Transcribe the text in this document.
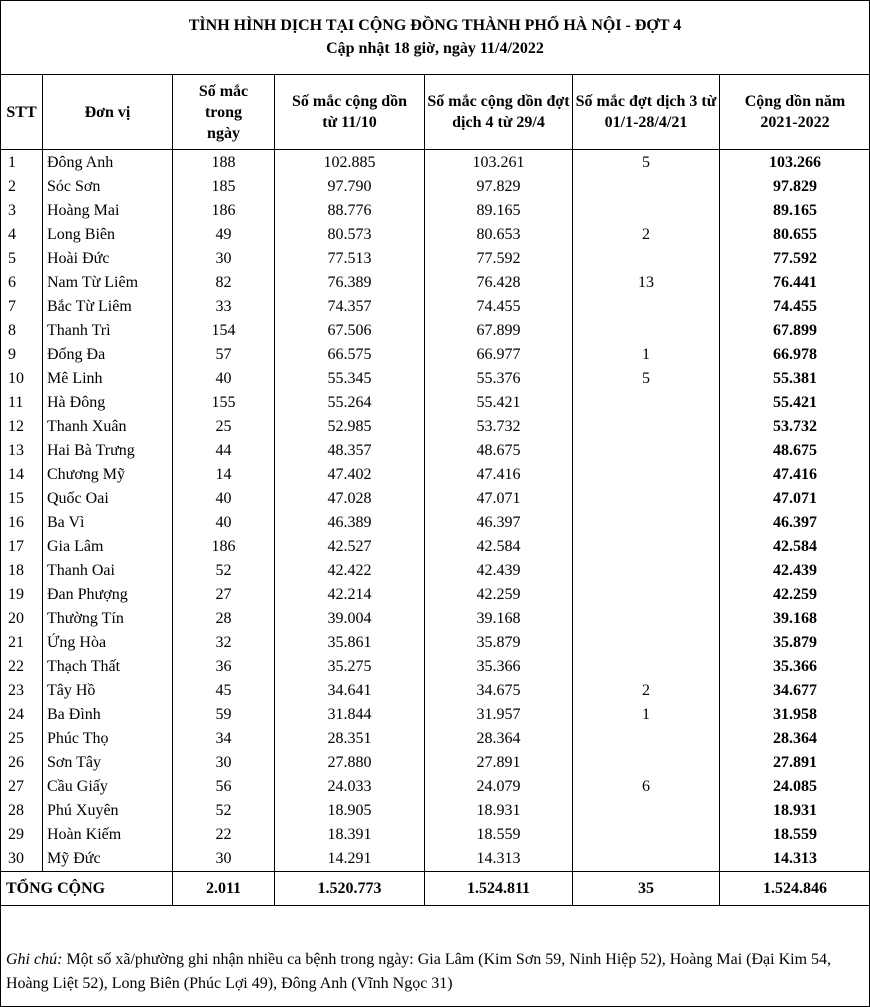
TÌNH HÌNH DỊCH TẠI CỘNG ĐỒNG THÀNH PHỐ HÀ NỘI - ĐỢT 4
Cập nhật 18 giờ, ngày 11/4/2022
STT	Đơn vị	Số mắc trong ngày	Số mắc cộng dồn từ 11/10	Số mắc cộng dồn đợt dịch 4 từ 29/4	Số mắc đợt dịch 3 từ 01/1-28/4/21	Cộng dồn năm 2021-2022
1	Đông Anh	188	102.885	103.261	5	103.266
2	Sóc Sơn	185	97.790	97.829		97.829
3	Hoàng Mai	186	88.776	89.165		89.165
4	Long Biên	49	80.573	80.653	2	80.655
5	Hoài Đức	30	77.513	77.592		77.592
6	Nam Từ Liêm	82	76.389	76.428	13	76.441
7	Bắc Từ Liêm	33	74.357	74.455		74.455
8	Thanh Trì	154	67.506	67.899		67.899
9	Đống Đa	57	66.575	66.977	1	66.978
10	Mê Linh	40	55.345	55.376	5	55.381
11	Hà Đông	155	55.264	55.421		55.421
12	Thanh Xuân	25	52.985	53.732		53.732
13	Hai Bà Trưng	44	48.357	48.675		48.675
14	Chương Mỹ	14	47.402	47.416		47.416
15	Quốc Oai	40	47.028	47.071		47.071
16	Ba Vì	40	46.389	46.397		46.397
17	Gia Lâm	186	42.527	42.584		42.584
18	Thanh Oai	52	42.422	42.439		42.439
19	Đan Phượng	27	42.214	42.259		42.259
20	Thường Tín	28	39.004	39.168		39.168
21	Ứng Hòa	32	35.861	35.879		35.879
22	Thạch Thất	36	35.275	35.366		35.366
23	Tây Hồ	45	34.641	34.675	2	34.677
24	Ba Đình	59	31.844	31.957	1	31.958
25	Phúc Thọ	34	28.351	28.364		28.364
26	Sơn Tây	30	27.880	27.891		27.891
27	Cầu Giấy	56	24.033	24.079	6	24.085
28	Phú Xuyên	52	18.905	18.931		18.931
29	Hoàn Kiếm	22	18.391	18.559		18.559
30	Mỹ Đức	30	14.291	14.313		14.313
TỔNG CỘNG		2.011	1.520.773	1.524.811	35	1.524.846
Ghi chú: Một số xã/phường ghi nhận nhiều ca bệnh trong ngày: Gia Lâm (Kim Sơn 59, Ninh Hiệp 52), Hoàng Mai (Đại Kim 54, Hoàng Liệt 52), Long Biên (Phúc Lợi 49), Đông Anh (Vĩnh Ngọc 31)
